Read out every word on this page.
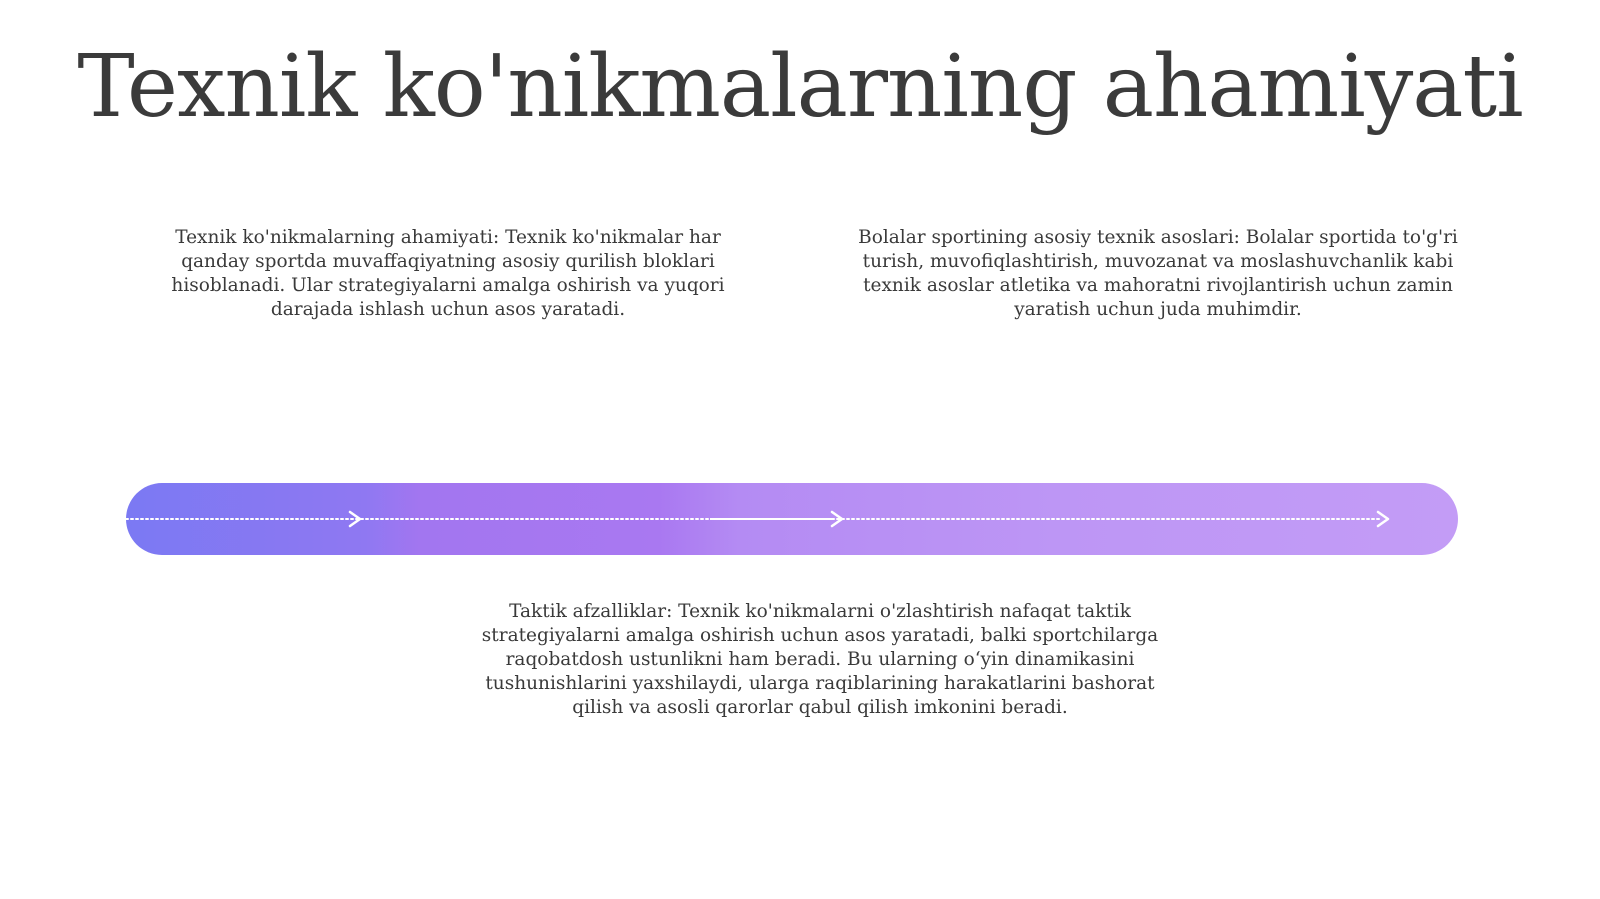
Texnik ko'nikmalarning ahamiyati

Texnik ko'nikmalarning ahamiyati: Texnik ko'nikmalar har qanday sportda muvaffaqiyatning asosiy qurilish bloklari hisoblanadi. Ular strategiyalarni amalga oshirish va yuqori darajada ishlash uchun asos yaratadi.

Bolalar sportining asosiy texnik asoslari: Bolalar sportida to'g'ri turish, muvofiqlashtirish, muvozanat va moslashuvchanlik kabi texnik asoslar atletika va mahoratni rivojlantirish uchun zamin yaratish uchun juda muhimdir.

Taktik afzalliklar: Texnik ko'nikmalarni o'zlashtirish nafaqat taktik strategiyalarni amalga oshirish uchun asos yaratadi, balki sportchilarga raqobatdosh ustunlikni ham beradi. Bu ularning o‘yin dinamikasini tushunishlarini yaxshilaydi, ularga raqiblarining harakatlarini bashorat qilish va asosli qarorlar qabul qilish imkonini beradi.
